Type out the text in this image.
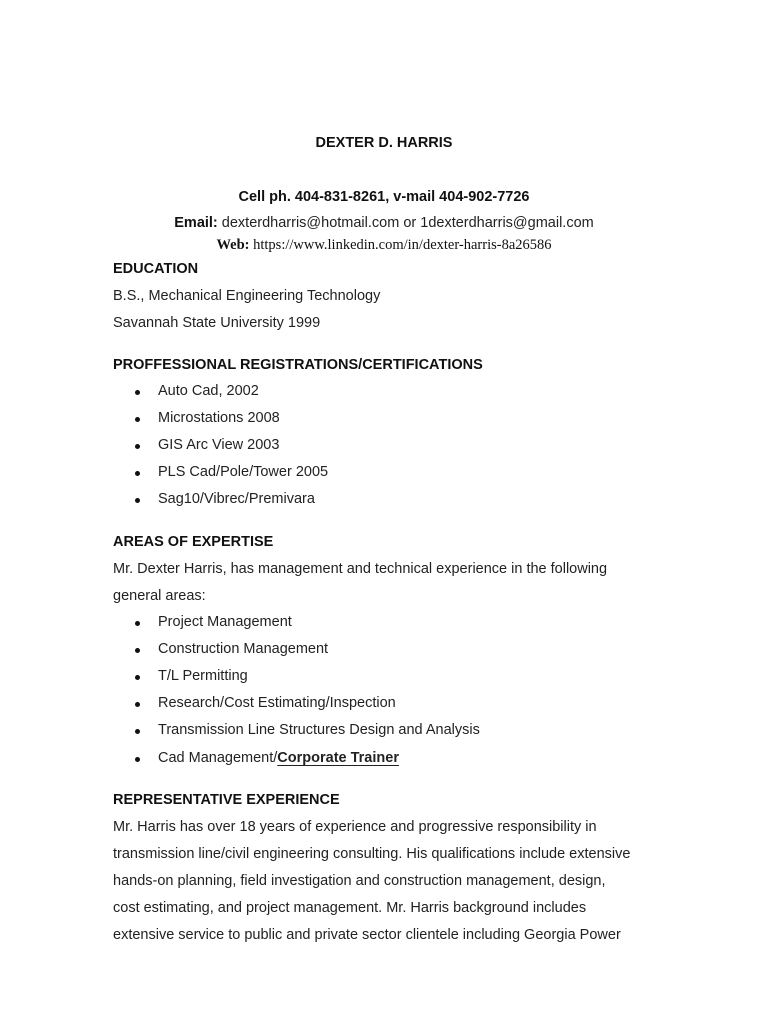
DEXTER D. HARRIS
Cell ph. 404-831-8261, v-mail 404-902-7726
Email: dexterdharris@hotmail.com or 1dexterdharris@gmail.com
Web: https://www.linkedin.com/in/dexter-harris-8a26586
EDUCATION
B.S., Mechanical Engineering Technology
Savannah State University 1999
PROFFESSIONAL REGISTRATIONS/CERTIFICATIONS
Auto Cad, 2002
Microstations 2008
GIS Arc View 2003
PLS Cad/Pole/Tower 2005
Sag10/Vibrec/Premivara
AREAS OF EXPERTISE
Mr. Dexter Harris, has management and technical experience in the following
general areas:
Project Management
Construction Management
T/L Permitting
Research/Cost Estimating/Inspection
Transmission Line Structures Design and Analysis
Cad Management/Corporate Trainer
REPRESENTATIVE EXPERIENCE
Mr. Harris has over 18 years of experience and progressive responsibility in
transmission line/civil engineering consulting. His qualifications include extensive
hands-on planning, field investigation and construction management, design,
cost estimating, and project management. Mr. Harris background includes
extensive service to public and private sector clientele including Georgia Power
